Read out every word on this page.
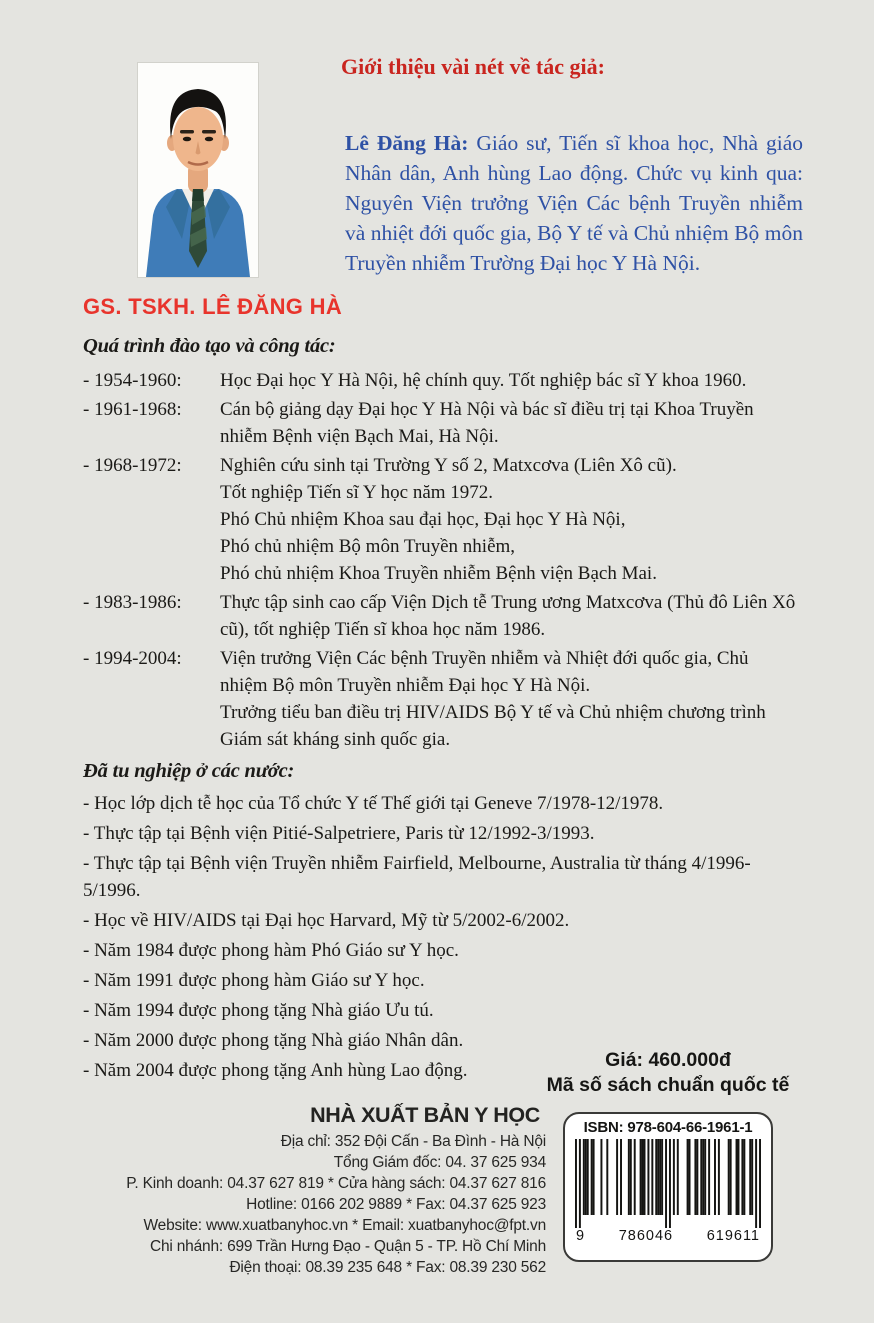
Giới thiệu vài nét về tác giả:

Lê Đăng Hà: Giáo sư, Tiến sĩ khoa học, Nhà giáo Nhân dân, Anh hùng Lao động. Chức vụ kinh qua: Nguyên Viện trưởng Viện Các bệnh Truyền nhiễm và nhiệt đới quốc gia, Bộ Y tế và Chủ nhiệm Bộ môn Truyền nhiễm Trường Đại học Y Hà Nội.

GS. TSKH. LÊ ĐĂNG HÀ
Quá trình đào tạo và công tác:
- 1954-1960:	Học Đại học Y Hà Nội, hệ chính quy. Tốt nghiệp bác sĩ Y khoa 1960.

- 1961-1968:	Cán bộ giảng dạy Đại học Y Hà Nội và bác sĩ điều trị tại Khoa Truyền nhiễm Bệnh viện Bạch Mai, Hà Nội.

- 1968-1972:	Nghiên cứu sinh tại Trường Y số 2, Matxcơva (Liên Xô cũ).

Tốt nghiệp Tiến sĩ Y học năm 1972.

Phó Chủ nhiệm Khoa sau đại học, Đại học Y Hà Nội,

Phó chủ nhiệm Bộ môn Truyền nhiễm,

Phó chủ nhiệm Khoa Truyền nhiễm Bệnh viện Bạch Mai.

- 1983-1986:	Thực tập sinh cao cấp Viện Dịch tễ Trung ương Matxcơva (Thủ đô Liên Xô cũ), tốt nghiệp Tiến sĩ khoa học năm 1986.

- 1994-2004:	Viện trưởng Viện Các bệnh Truyền nhiễm và Nhiệt đới quốc gia, Chủ nhiệm Bộ môn Truyền nhiễm Đại học Y Hà Nội.

Trưởng tiểu ban điều trị HIV/AIDS Bộ Y tế và Chủ nhiệm chương trình Giám sát kháng sinh quốc gia.

Đã tu nghiệp ở các nước:

- Học lớp dịch tễ học của Tổ chức Y tế Thế giới tại Geneve 7/1978-12/1978.

- Thực tập tại Bệnh viện Pitié-Salpetriere, Paris từ 12/1992-3/1993.

- Thực tập tại Bệnh viện Truyền nhiễm Fairfield, Melbourne, Australia từ tháng 4/1996-5/1996.

- Học về HIV/AIDS tại Đại học Harvard, Mỹ từ 5/2002-6/2002.

- Năm 1984 được phong hàm Phó Giáo sư Y học.

- Năm 1991 được phong hàm Giáo sư Y học.

- Năm 1994 được phong tặng Nhà giáo Ưu tú.

- Năm 2000 được phong tặng Nhà giáo Nhân dân.

- Năm 2004 được phong tặng Anh hùng Lao động.	Giá: 460.000đ
Mã số sách chuẩn quốc tế
NHÀ XUẤT BẢN Y HỌC

Địa chỉ: 352 Đội Cấn - Ba Đình - Hà Nội

Tổng Giám đốc: 04. 37 625 934

P. Kinh doanh: 04.37 627 819 * Cửa hàng sách: 04.37 627 816

Hotline: 0166 202 9889 * Fax: 04.37 625 923

Website: www.xuatbanyhoc.vn * Email: xuatbanyhoc@fpt.vn

Chi nhánh: 699 Trần Hưng Đạo - Quận 5 - TP. Hồ Chí Minh

Điện thoại: 08.39 235 648 * Fax: 08.39 230 562

ISBN: 978-604-66-1961-1
9 786046 619611
